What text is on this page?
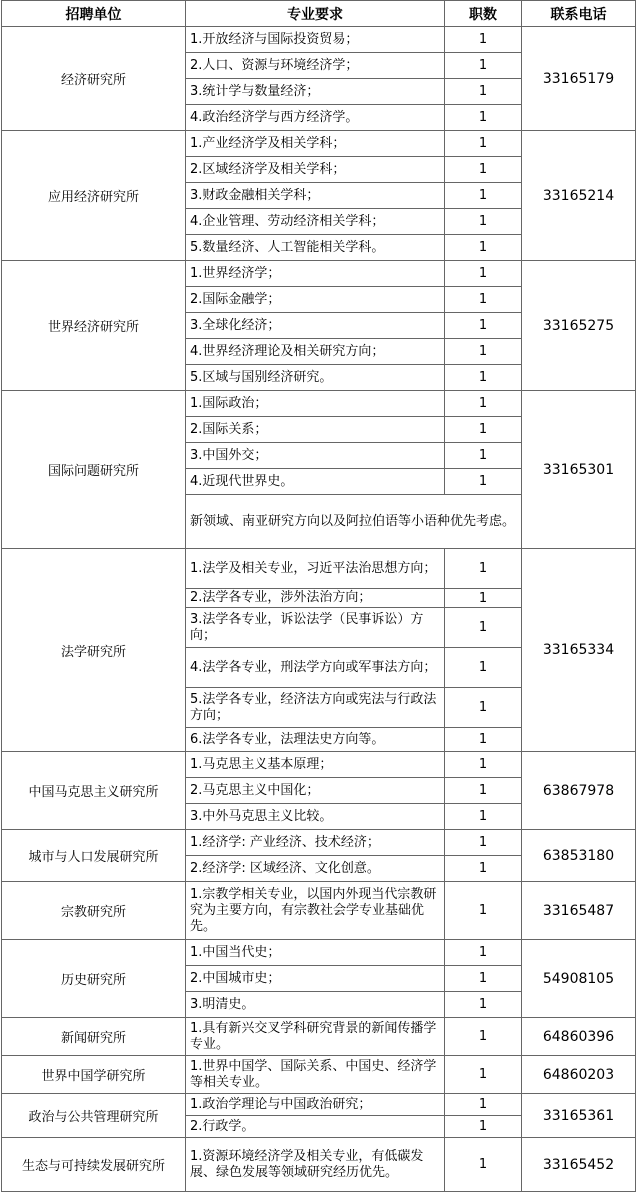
招聘单位	专业要求	职数	联系电话
经济研究所	1.开放经济与国际投资贸易；	1	33165179
	2.人口、资源与环境经济学；	1	
	3.统计学与数量经济；	1	
	4.政治经济学与西方经济学。	1	
应用经济研究所	1.产业经济学及相关学科；	1	33165214
	2.区域经济学及相关学科；	1	
	3.财政金融相关学科；	1	
	4.企业管理、劳动经济相关学科；	1	
	5.数量经济、人工智能相关学科。	1	
世界经济研究所	1.世界经济学；	1	33165275
	2.国际金融学；	1	
	3.全球化经济；	1	
	4.世界经济理论及相关研究方向；	1	
	5.区域与国别经济研究。	1	
国际问题研究所	1.国际政治；	1	33165301
	2.国际关系；	1	
	3.中国外交；	1	
	4.近现代世界史。	1	
	新领域、南亚研究方向以及阿拉伯语等小语种优先考虑。		
法学研究所	1.法学及相关专业，习近平法治思想方向；	1	33165334
	2.法学各专业，涉外法治方向；	1	
	3.法学各专业，诉讼法学（民事诉讼）方向；	1	
	4.法学各专业，刑法学方向或军事法方向；	1	
	5.法学各专业，经济法方向或宪法与行政法方向；	1	
	6.法学各专业，法理法史方向等。	1	
中国马克思主义研究所	1.马克思主义基本原理；	1	63867978
	2.马克思主义中国化；	1	
	3.中外马克思主义比较。	1	
城市与人口发展研究所	1.经济学: 产业经济、技术经济；	1	63853180
	2.经济学: 区域经济、文化创意。	1	
宗教研究所	1.宗教学相关专业，以国内外现当代宗教研究为主要方向，有宗教社会学专业基础优先。	1	33165487
历史研究所	1.中国当代史；	1	54908105
	2.中国城市史；	1	
	3.明清史。	1	
新闻研究所	1.具有新兴交叉学科研究背景的新闻传播学专业。	1	64860396
世界中国学研究所	1.世界中国学、国际关系、中国史、经济学等相关专业。	1	64860203
政治与公共管理研究所	1.政治学理论与中国政治研究；	1	33165361
	2.行政学。	1	
生态与可持续发展研究所	1.资源环境经济学及相关专业，有低碳发展、绿色发展等领域研究经历优先。	1	33165452
